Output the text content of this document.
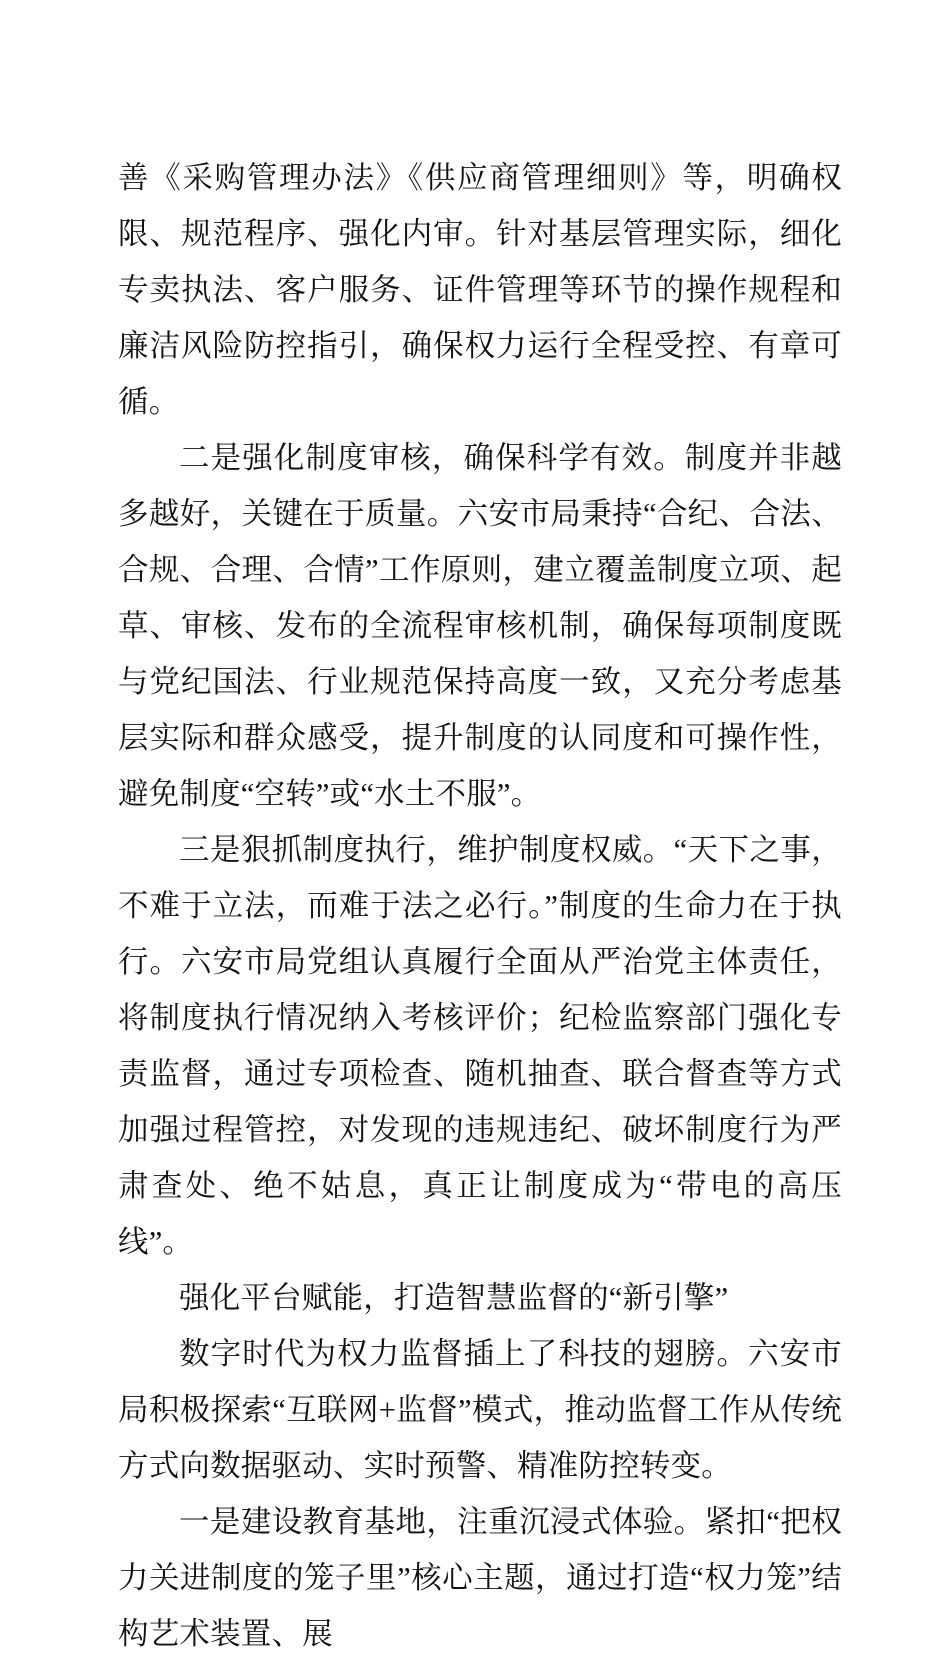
善《采购管理办法》《供应商管理细则》等，明确权限、规范程序、强化内审。针对基层管理实际，细化专卖执法、客户服务、证件管理等环节的操作规程和廉洁风险防控指引，确保权力运行全程受控、有章可循。

二是强化制度审核，确保科学有效。制度并非越多越好，关键在于质量。六安市局秉持“合纪、合法、合规、合理、合情”工作原则，建立覆盖制度立项、起草、审核、发布的全流程审核机制，确保每项制度既与党纪国法、行业规范保持高度一致，又充分考虑基层实际和群众感受，提升制度的认同度和可操作性，避免制度“空转”或“水土不服”。

三是狠抓制度执行，维护制度权威。“天下之事，不难于立法，而难于法之必行。”制度的生命力在于执行。六安市局党组认真履行全面从严治党主体责任，将制度执行情况纳入考核评价；纪检监察部门强化专责监督，通过专项检查、随机抽查、联合督查等方式加强过程管控，对发现的违规违纪、破坏制度行为严肃查处、绝不姑息，真正让制度成为“带电的高压线”。

强化平台赋能，打造智慧监督的“新引擎”

数字时代为权力监督插上了科技的翅膀。六安市局积极探索“互联网+监督”模式，推动监督工作从传统方式向数据驱动、实时预警、精准防控转变。

一是建设教育基地，注重沉浸式体验。紧扣“把权力关进制度的笼子里”核心主题，通过打造“权力笼”结构艺术装置、展
